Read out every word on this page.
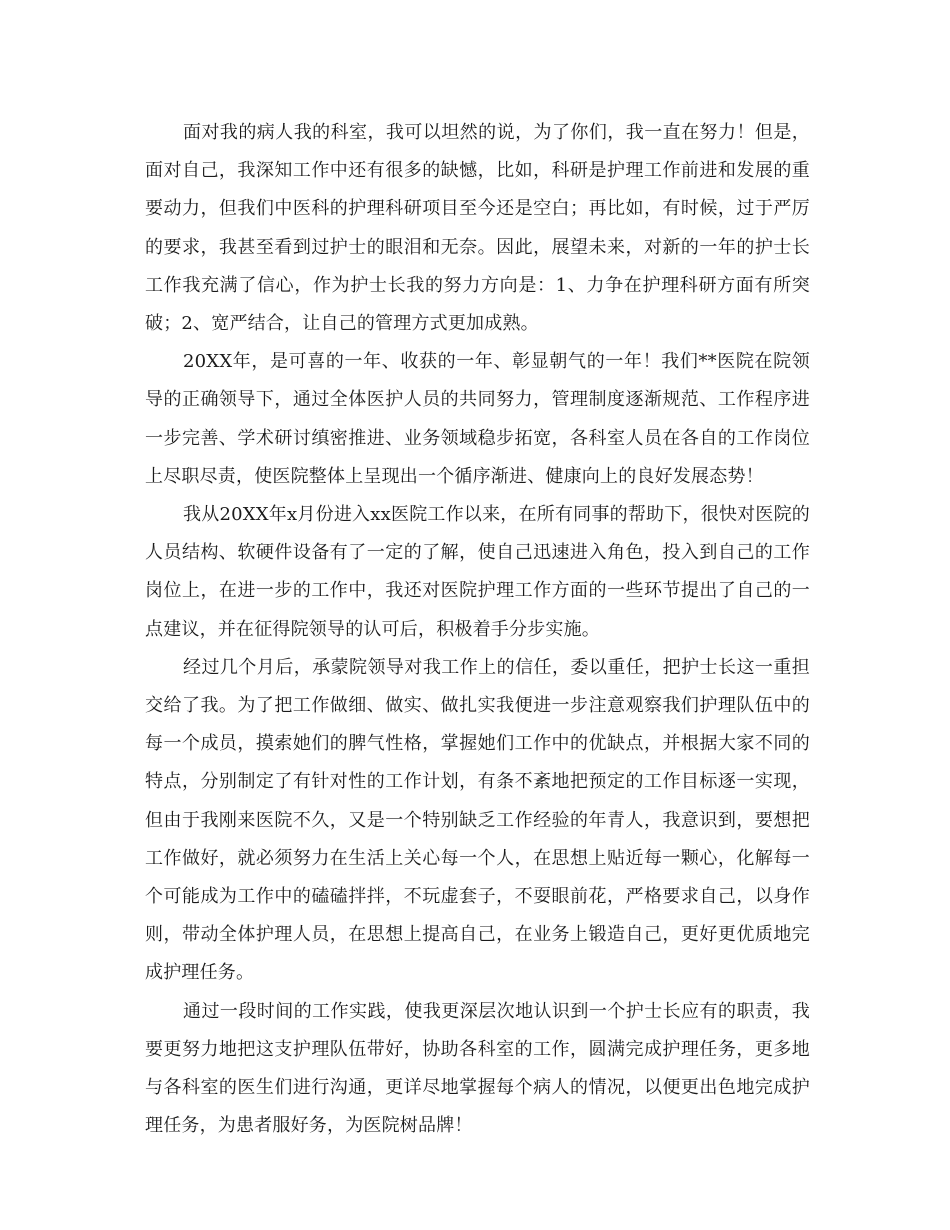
面对我的病人我的科室，我可以坦然的说，为了你们，我一直在努力！但是，面对自己，我深知工作中还有很多的缺憾，比如，科研是护理工作前进和发展的重要动力，但我们中医科的护理科研项目至今还是空白；再比如，有时候，过于严厉的要求，我甚至看到过护士的眼泪和无奈。因此，展望未来，对新的一年的护士长工作我充满了信心，作为护士长我的努力方向是：1、力争在护理科研方面有所突破；2、宽严结合，让自己的管理方式更加成熟。

20XX年，是可喜的一年、收获的一年、彰显朝气的一年！我们**医院在院领导的正确领导下，通过全体医护人员的共同努力，管理制度逐渐规范、工作程序进一步完善、学术研讨缜密推进、业务领域稳步拓宽，各科室人员在各自的工作岗位上尽职尽责，使医院整体上呈现出一个循序渐进、健康向上的良好发展态势！

我从20XX年x月份进入xx医院工作以来，在所有同事的帮助下，很快对医院的人员结构、软硬件设备有了一定的了解，使自己迅速进入角色，投入到自己的工作岗位上，在进一步的工作中，我还对医院护理工作方面的一些环节提出了自己的一点建议，并在征得院领导的认可后，积极着手分步实施。

经过几个月后，承蒙院领导对我工作上的信任，委以重任，把护士长这一重担交给了我。为了把工作做细、做实、做扎实我便进一步注意观察我们护理队伍中的每一个成员，摸索她们的脾气性格，掌握她们工作中的优缺点，并根据大家不同的特点，分别制定了有针对性的工作计划，有条不紊地把预定的工作目标逐一实现，但由于我刚来医院不久，又是一个特别缺乏工作经验的年青人，我意识到，要想把工作做好，就必须努力在生活上关心每一个人，在思想上贴近每一颗心，化解每一个可能成为工作中的磕磕拌拌，不玩虚套子，不耍眼前花，严格要求自己，以身作则，带动全体护理人员，在思想上提高自己，在业务上锻造自己，更好更优质地完成护理任务。

通过一段时间的工作实践，使我更深层次地认识到一个护士长应有的职责，我要更努力地把这支护理队伍带好，协助各科室的工作，圆满完成护理任务，更多地与各科室的医生们进行沟通，更详尽地掌握每个病人的情况，以便更出色地完成护理任务，为患者服好务，为医院树品牌！
